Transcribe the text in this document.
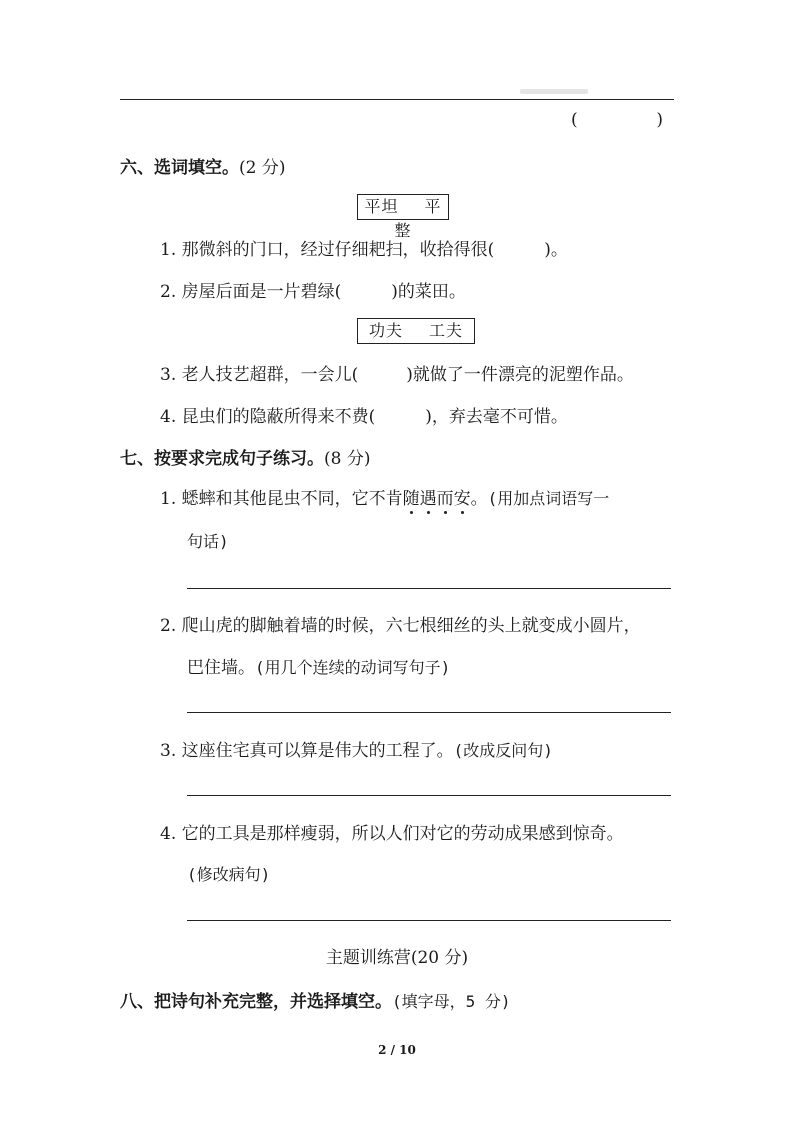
(	)
六、选词填空。(2 分)
平坦 平整
1. 那微斜的门口，经过仔细耙扫，收拾得很(	)。
2. 房屋后面是一片碧绿(	)的菜田。
功夫 工夫
3. 老人技艺超群，一会儿(	)就做了一件漂亮的泥塑作品。
4. 昆虫们的隐蔽所得来不费(	)，弃去毫不可惜。
七、按要求完成句子练习。(8 分)
1. 蟋蟀和其他昆虫不同，它不肯随遇而安。(用加点词语写一
句话)
2. 爬山虎的脚触着墙的时候，六七根细丝的头上就变成小圆片，
巴住墙。(用几个连续的动词写句子)
3. 这座住宅真可以算是伟大的工程了。(改成反问句)
4. 它的工具是那样瘦弱，所以人们对它的劳动成果感到惊奇。
(修改病句)
主题训练营(20 分)
八、把诗句补充完整，并选择填空。(填字母，5 分)
2 / 10
